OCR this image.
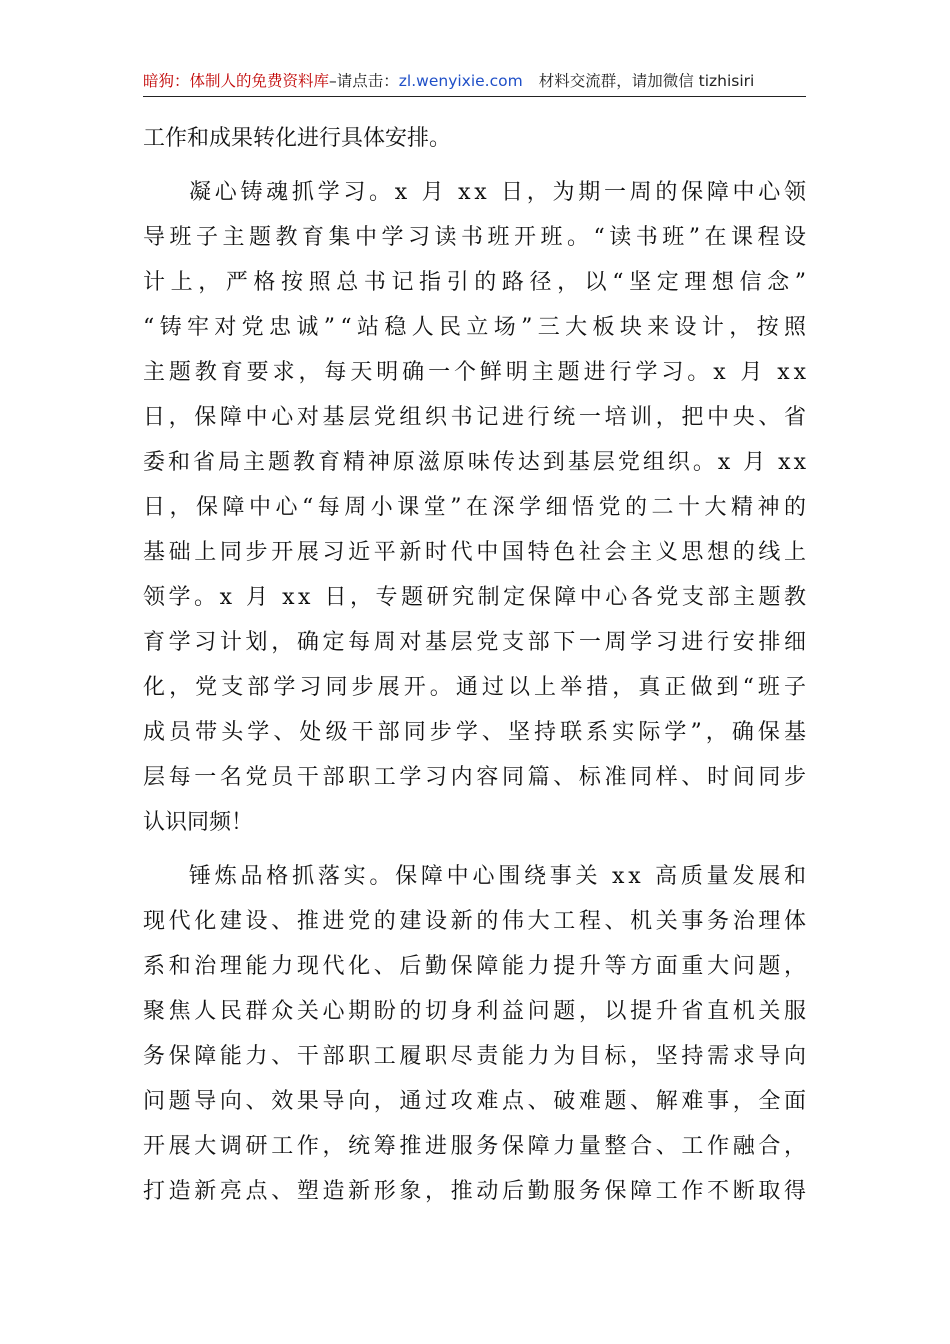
暗狗：体制人的免费资料库–请点击：zl.wenyixie.com 材料交流群，请加微信 tizhisiri
工作和成果转化进行具体安排。
凝心铸魂抓学习。x 月 xx 日，为期一周的保障中心领
导班子主题教育集中学习读书班开班。“读书班”在课程设
计上，严格按照总书记指引的路径，以“坚定理想信念”
“铸牢对党忠诚”“站稳人民立场”三大板块来设计，按照
主题教育要求，每天明确一个鲜明主题进行学习。x 月 xx
日，保障中心对基层党组织书记进行统一培训，把中央、省
委和省局主题教育精神原滋原味传达到基层党组织。x 月 xx
日，保障中心“每周小课堂”在深学细悟党的二十大精神的
基础上同步开展习近平新时代中国特色社会主义思想的线上
领学。x 月 xx 日，专题研究制定保障中心各党支部主题教
育学习计划，确定每周对基层党支部下一周学习进行安排细
化，党支部学习同步展开。通过以上举措，真正做到“班子
成员带头学、处级干部同步学、坚持联系实际学”，确保基
层每一名党员干部职工学习内容同篇、标准同样、时间同步
认识同频！
锤炼品格抓落实。保障中心围绕事关 xx 高质量发展和
现代化建设、推进党的建设新的伟大工程、机关事务治理体
系和治理能力现代化、后勤保障能力提升等方面重大问题，
聚焦人民群众关心期盼的切身利益问题，以提升省直机关服
务保障能力、干部职工履职尽责能力为目标，坚持需求导向
问题导向、效果导向，通过攻难点、破难题、解难事，全面
开展大调研工作，统筹推进服务保障力量整合、工作融合，
打造新亮点、塑造新形象，推动后勤服务保障工作不断取得
